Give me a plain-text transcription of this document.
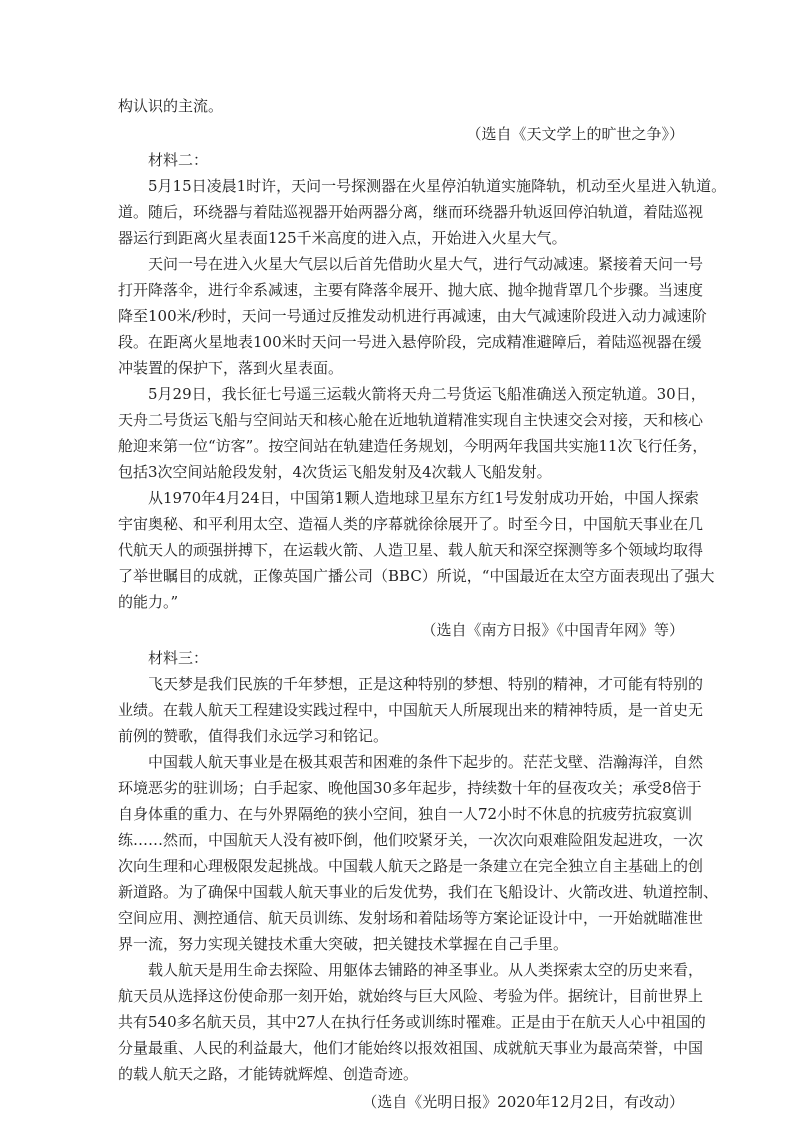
构认识的主流。
（选自《天文学上的旷世之争》）
材料二：
5月15日凌晨1时许，天问一号探测器在火星停泊轨道实施降轨，机动至火星进入轨道。
道。随后，环绕器与着陆巡视器开始两器分离，继而环绕器升轨返回停泊轨道，着陆巡视
器运行到距离火星表面125千米高度的进入点，开始进入火星大气。
天问一号在进入火星大气层以后首先借助火星大气，进行气动减速。紧接着天问一号
打开降落伞，进行伞系减速，主要有降落伞展开、抛大底、抛伞抛背罩几个步骤。当速度
降至100米/秒时，天问一号通过反推发动机进行再减速，由大气减速阶段进入动力减速阶
段。在距离火星地表100米时天问一号进入悬停阶段，完成精准避障后，着陆巡视器在缓
冲装置的保护下，落到火星表面。
5月29日，我长征七号遥三运载火箭将天舟二号货运飞船准确送入预定轨道。30日，
天舟二号货运飞船与空间站天和核心舱在近地轨道精准实现自主快速交会对接，天和核心
舱迎来第一位“访客”。按空间站在轨建造任务规划，今明两年我国共实施11次飞行任务，
包括3次空间站舱段发射，4次货运飞船发射及4次载人飞船发射。
从1970年4月24日，中国第1颗人造地球卫星东方红1号发射成功开始，中国人探索
宇宙奥秘、和平利用太空、造福人类的序幕就徐徐展开了。时至今日，中国航天事业在几
代航天人的顽强拼搏下，在运载火箭、人造卫星、载人航天和深空探测等多个领域均取得
了举世瞩目的成就，正像英国广播公司（BBC）所说，“中国最近在太空方面表现出了强大
的能力。”
（选自《南方日报》《中国青年网》等）
材料三：
飞天梦是我们民族的千年梦想，正是这种特别的梦想、特别的精神，才可能有特别的
业绩。在载人航天工程建设实践过程中，中国航天人所展现出来的精神特质，是一首史无
前例的赞歌，值得我们永远学习和铭记。
中国载人航天事业是在极其艰苦和困难的条件下起步的。茫茫戈壁、浩瀚海洋，自然
环境恶劣的驻训场；白手起家、晚他国30多年起步，持续数十年的昼夜攻关；承受8倍于
自身体重的重力、在与外界隔绝的狭小空间，独自一人72小时不休息的抗疲劳抗寂寞训
练……然而，中国航天人没有被吓倒，他们咬紧牙关，一次次向艰难险阻发起进攻，一次
次向生理和心理极限发起挑战。中国载人航天之路是一条建立在完全独立自主基础上的创
新道路。为了确保中国载人航天事业的后发优势，我们在飞船设计、火箭改进、轨道控制、
空间应用、测控通信、航天员训练、发射场和着陆场等方案论证设计中，一开始就瞄准世
界一流，努力实现关键技术重大突破，把关键技术掌握在自己手里。
载人航天是用生命去探险、用躯体去铺路的神圣事业。从人类探索太空的历史来看，
航天员从选择这份使命那一刻开始，就始终与巨大风险、考验为伴。据统计，目前世界上
共有540多名航天员，其中27人在执行任务或训练时罹难。正是由于在航天人心中祖国的
分量最重、人民的利益最大，他们才能始终以报效祖国、成就航天事业为最高荣誉，中国
的载人航天之路，才能铸就辉煌、创造奇迹。
（选自《光明日报》2020年12月2日，有改动）
